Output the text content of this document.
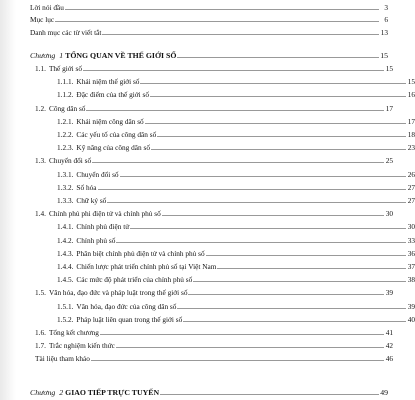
Lời nói đầu	3
Mục lục	6
Danh mục các từ viết tắt	13
Chương 1 TỔNG QUAN VỀ THẾ GIỚI SỐ	15
1.1. Thế giới số	15
1.1.1. Khái niệm thế giới số	15
1.1.2. Đặc điểm của thế giới số	16
1.2. Công dân số	17
1.2.1. Khái niệm công dân số	17
1.2.2. Các yếu tố của công dân số	18
1.2.3. Kỹ năng của công dân số	23
1.3. Chuyển đổi số	25
1.3.1. Chuyển đổi số	26
1.3.2. Số hóa	27
1.3.3. Chữ ký số	27
1.4. Chính phủ phi điện tử và chính phủ số	30
1.4.1. Chính phủ điện tử	30
1.4.2. Chính phủ số	33
1.4.3. Phân biệt chính phủ điện tử và chính phủ số	36
1.4.4. Chiến lược phát triển chính phủ số tại Việt Nam	37
1.4.5. Các mức độ phát triển của chính phủ số	38
1.5. Văn hóa, đạo đức và pháp luật trong thế giới số	39
1.5.1. Văn hóa, đạo đức của công dân số	39
1.5.2. Pháp luật liên quan trong thế giới số	40
1.6. Tổng kết chương	41
1.7. Trắc nghiệm kiến thức	42
Tài liệu tham khảo	46
Chương 2 GIAO TIẾP TRỰC TUYẾN	49
